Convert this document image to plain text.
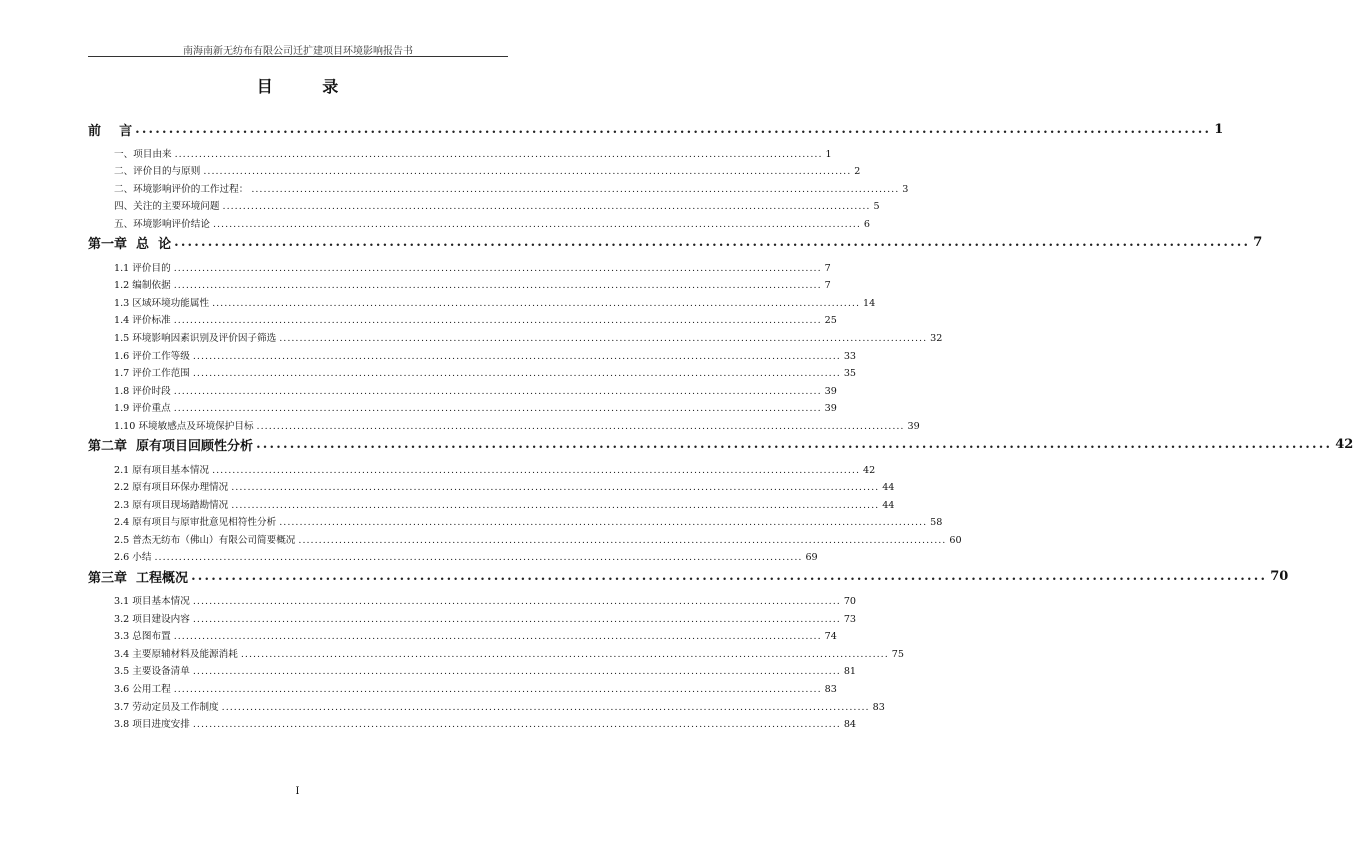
南海南新无纺布有限公司迁扩建项目环境影响报告书
目 录
前    言 ................................................................................................................................................................ 1
一、项目由来 ................................................................................................................................................................ 1
二、评价目的与原则 ................................................................................................................................................................ 2
二、环境影响评价的工作过程： ................................................................................................................................................................ 3
四、关注的主要环境问题 ................................................................................................................................................................ 5
五、环境影响评价结论 ................................................................................................................................................................ 6
第一章  总  论 ................................................................................................................................................................ 7
1.1 评价目的 ................................................................................................................................................................ 7
1.2 编制依据 ................................................................................................................................................................ 7
1.3 区域环境功能属性 ................................................................................................................................................................ 14
1.4 评价标准 ................................................................................................................................................................ 25
1.5 环境影响因素识别及评价因子筛选 ................................................................................................................................................................ 32
1.6 评价工作等级 ................................................................................................................................................................ 33
1.7 评价工作范围 ................................................................................................................................................................ 35
1.8 评价时段 ................................................................................................................................................................ 39
1.9 评价重点 ................................................................................................................................................................ 39
1.10 环境敏感点及环境保护目标 ................................................................................................................................................................ 39
第二章  原有项目回顾性分析 ................................................................................................................................................................ 42
2.1 原有项目基本情况 ................................................................................................................................................................ 42
2.2 原有项目环保办理情况 ................................................................................................................................................................ 44
2.3 原有项目现场踏勘情况 ................................................................................................................................................................ 44
2.4 原有项目与原审批意见相符性分析 ................................................................................................................................................................ 58
2.5 普杰无纺布（佛山）有限公司简要概况 ................................................................................................................................................................ 60
2.6 小结 ................................................................................................................................................................ 69
第三章  工程概况 ................................................................................................................................................................ 70
3.1 项目基本情况 ................................................................................................................................................................ 70
3.2 项目建设内容 ................................................................................................................................................................ 73
3.3 总图布置 ................................................................................................................................................................ 74
3.4 主要原辅材料及能源消耗 ................................................................................................................................................................ 75
3.5 主要设备清单 ................................................................................................................................................................ 81
3.6 公用工程 ................................................................................................................................................................ 83
3.7 劳动定员及工作制度 ................................................................................................................................................................ 83
3.8 项目进度安排 ................................................................................................................................................................ 84
I
